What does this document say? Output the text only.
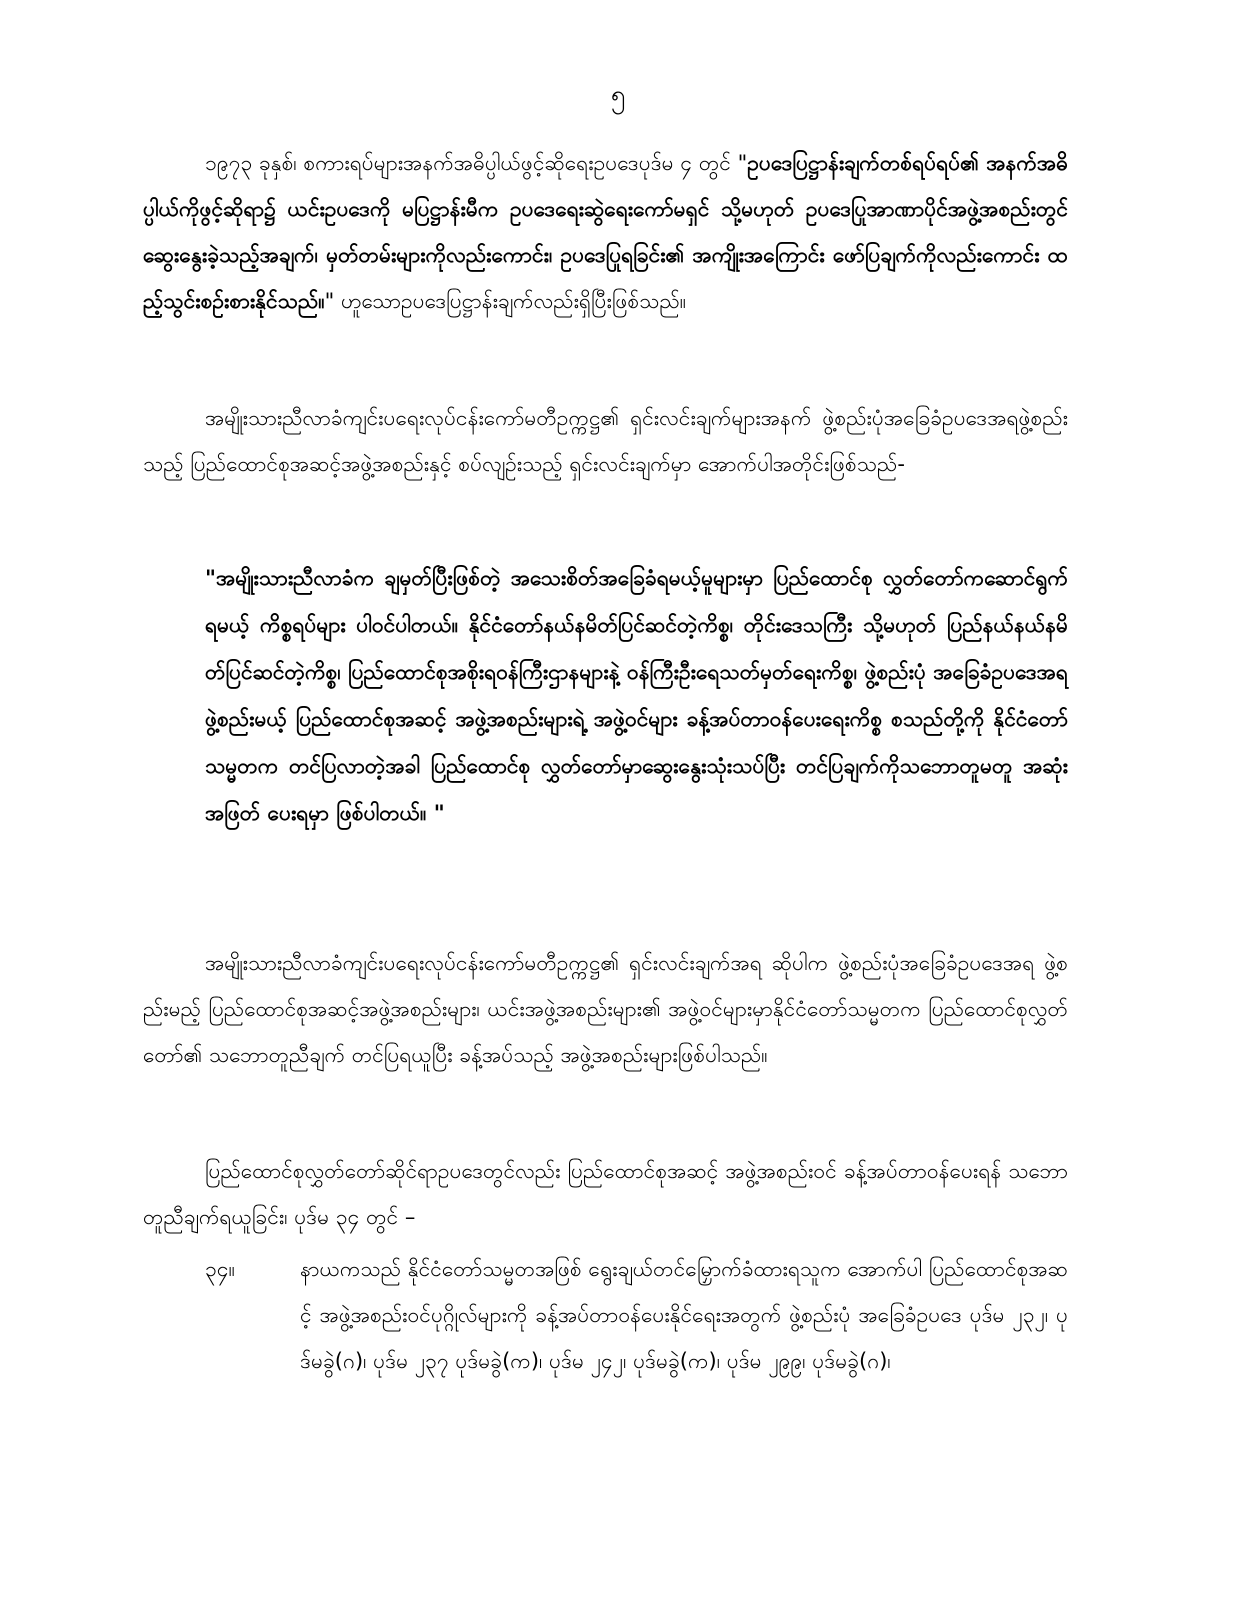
၅

၁၉၇၃ ခုနှစ်၊ စကားရပ်များအနက်အဓိပ္ပါယ်ဖွင့်ဆိုရေးဥပဒေပုဒ်မ ၄ တွင် "ဥပဒေပြဋ္ဌာန်းချက်တစ်ရပ်ရပ်၏ အနက်အဓိပ္ပါယ်ကိုဖွင့်ဆိုရာ၌ ယင်းဥပဒေကို မပြဋ္ဌာန်းမီက ဥပဒေရေးဆွဲရေးကော်မရှင် သို့မဟုတ် ဥပဒေပြုအာဏာပိုင်အဖွဲ့အစည်းတွင် ဆွေးနွေးခဲ့သည့်အချက်၊ မှတ်တမ်းများကိုလည်းကောင်း၊ ဥပဒေပြုရခြင်း၏ အကျိုးအကြောင်း ဖော်ပြချက်ကိုလည်းကောင်း ထည့်သွင်းစဉ်းစားနိုင်သည်။" ဟူသောဥပဒေပြဋ္ဌာန်းချက်လည်းရှိပြီးဖြစ်သည်။

အမျိုးသားညီလာခံကျင်းပရေးလုပ်ငန်းကော်မတီဥက္ကဋ္ဌ၏ ရှင်းလင်းချက်များအနက် ဖွဲ့စည်းပုံအခြေခံဥပဒေအရဖွဲ့စည်းသည့် ပြည်ထောင်စုအဆင့်အဖွဲ့အစည်းနှင့် စပ်လျဉ်းသည့် ရှင်းလင်းချက်မှာ အောက်ပါအတိုင်းဖြစ်သည်-

"အမျိုးသားညီလာခံက ချမှတ်ပြီးဖြစ်တဲ့ အသေးစိတ်အခြေခံရမယ့်မူများမှာ ပြည်ထောင်စု လွှတ်တော်ကဆောင်ရွက်ရမယ့် ကိစ္စရပ်များ ပါဝင်ပါတယ်။ နိုင်ငံတော်နယ်နမိတ်ပြင်ဆင်တဲ့ကိစ္စ၊ တိုင်းဒေသကြီး သို့မဟုတ် ပြည်နယ်နယ်နမိတ်ပြင်ဆင်တဲ့ကိစ္စ၊ ပြည်ထောင်စုအစိုးရဝန်ကြီးဌာနများနဲ့ ဝန်ကြီးဦးရေသတ်မှတ်ရေးကိစ္စ၊ ဖွဲ့စည်းပုံ အခြေခံဥပဒေအရဖွဲ့စည်းမယ့် ပြည်ထောင်စုအဆင့် အဖွဲ့အစည်းများရဲ့ အဖွဲ့ဝင်များ ခန့်အပ်တာဝန်ပေးရေးကိစ္စ စသည်တို့ကို နိုင်ငံတော်သမ္မတက တင်ပြလာတဲ့အခါ ပြည်ထောင်စု လွှတ်တော်မှာဆွေးနွေးသုံးသပ်ပြီး တင်ပြချက်ကိုသဘောတူမတူ အဆုံးအဖြတ် ပေးရမှာ ဖြစ်ပါတယ်။ "

အမျိုးသားညီလာခံကျင်းပရေးလုပ်ငန်းကော်မတီဥက္ကဋ္ဌ၏ ရှင်းလင်းချက်အရ ဆိုပါက ဖွဲ့စည်းပုံအခြေခံဥပဒေအရ ဖွဲ့စည်းမည့် ပြည်ထောင်စုအဆင့်အဖွဲ့အစည်းများ၊ ယင်းအဖွဲ့အစည်းများ၏ အဖွဲ့ဝင်များမှာနိုင်ငံတော်သမ္မတက ပြည်ထောင်စုလွှတ်တော်၏ သဘောတူညီချက် တင်ပြရယူပြီး ခန့်အပ်သည့် အဖွဲ့အစည်းများဖြစ်ပါသည်။

ပြည်ထောင်စုလွှတ်တော်ဆိုင်ရာဥပဒေတွင်လည်း ပြည်ထောင်စုအဆင့် အဖွဲ့အစည်းဝင် ခန့်အပ်တာဝန်ပေးရန် သဘောတူညီချက်ရယူခြင်း၊ ပုဒ်မ ၃၄ တွင် –

၃၄။	နာယကသည် နိုင်ငံတော်သမ္မတအဖြစ် ရွေးချယ်တင်မြှောက်ခံထားရသူက အောက်ပါ ပြည်ထောင်စုအဆင့် အဖွဲ့အစည်းဝင်ပုဂ္ဂိုလ်များကို ခန့်အပ်တာဝန်ပေးနိုင်ရေးအတွက် ဖွဲ့စည်းပုံ အခြေခံဥပဒေ ပုဒ်မ ၂၃၂၊ ပုဒ်မခွဲ(ဂ)၊ ပုဒ်မ ၂၃၇ ပုဒ်မခွဲ(က)၊ ပုဒ်မ ၂၄၂၊ ပုဒ်မခွဲ(က)၊ ပုဒ်မ ၂၉၉၊ ပုဒ်မခွဲ(ဂ)၊
